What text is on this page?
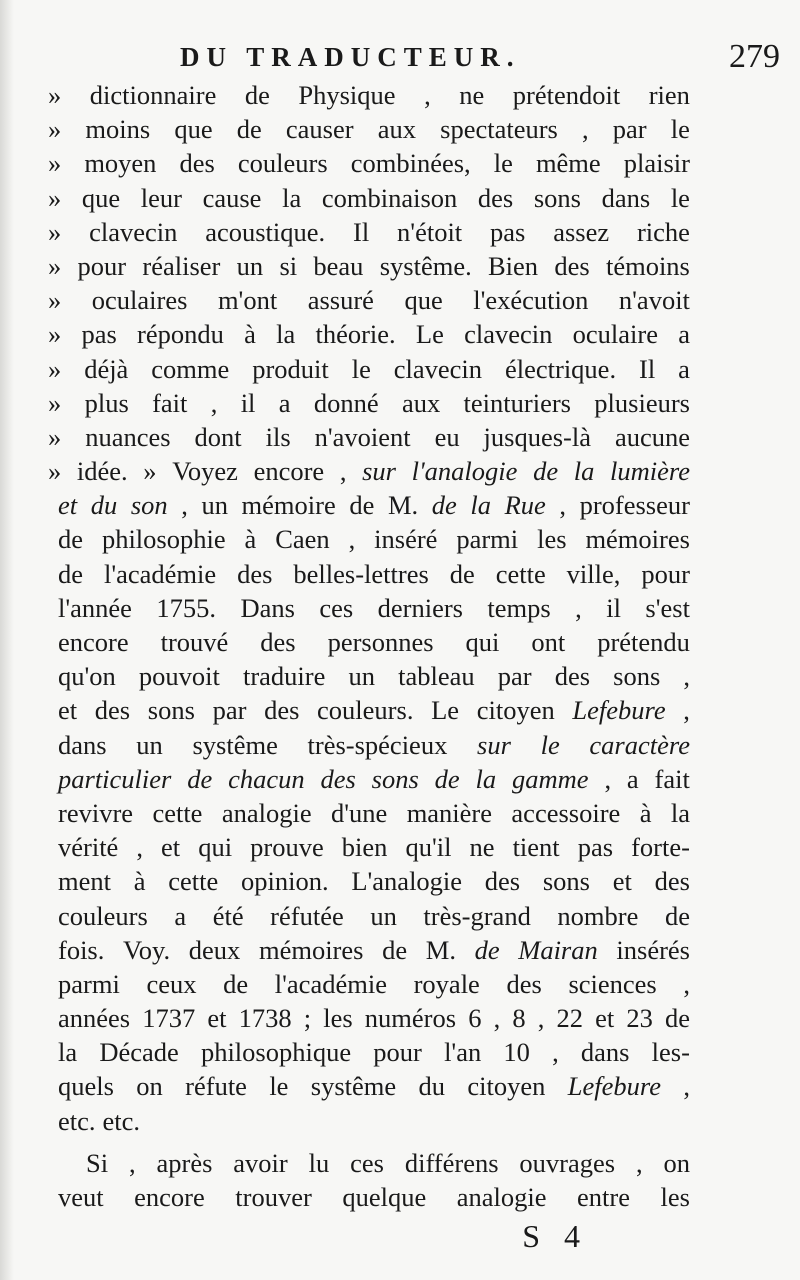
DU TRADUCTEUR.	279
» dictionnaire de Physique , ne prétendoit rien
» moins que de causer aux spectateurs , par le
» moyen des couleurs combinées, le même plaisir
» que leur cause la combinaison des sons dans le
» clavecin acoustique. Il n'étoit pas assez riche
» pour réaliser un si beau systême. Bien des témoins
» oculaires m'ont assuré que l'exécution n'avoit
» pas répondu à la théorie. Le clavecin oculaire a
» déjà comme produit le clavecin électrique. Il a
» plus fait , il a donné aux teinturiers plusieurs
» nuances dont ils n'avoient eu jusques-là aucune
» idée. » Voyez encore , sur l'analogie de la lumière
et du son , un mémoire de M. de la Rue , professeur
de philosophie à Caen , inséré parmi les mémoires
de l'académie des belles-lettres de cette ville, pour
l'année 1755. Dans ces derniers temps , il s'est
encore trouvé des personnes qui ont prétendu
qu'on pouvoit traduire un tableau par des sons ,
et des sons par des couleurs. Le citoyen Lefebure ,
dans un systême très-spécieux sur le caractère
particulier de chacun des sons de la gamme , a fait
revivre cette analogie d'une manière accessoire à la
vérité , et qui prouve bien qu'il ne tient pas forte-
ment à cette opinion. L'analogie des sons et des
couleurs a été réfutée un très-grand nombre de
fois. Voy. deux mémoires de M. de Mairan insérés
parmi ceux de l'académie royale des sciences ,
années 1737 et 1738 ; les numéros 6 , 8 , 22 et 23 de
la Décade philosophique pour l'an 10 , dans les-
quels on réfute le systême du citoyen Lefebure ,
etc. etc.
Si , après avoir lu ces différens ouvrages , on
veut encore trouver quelque analogie entre les
S 4
